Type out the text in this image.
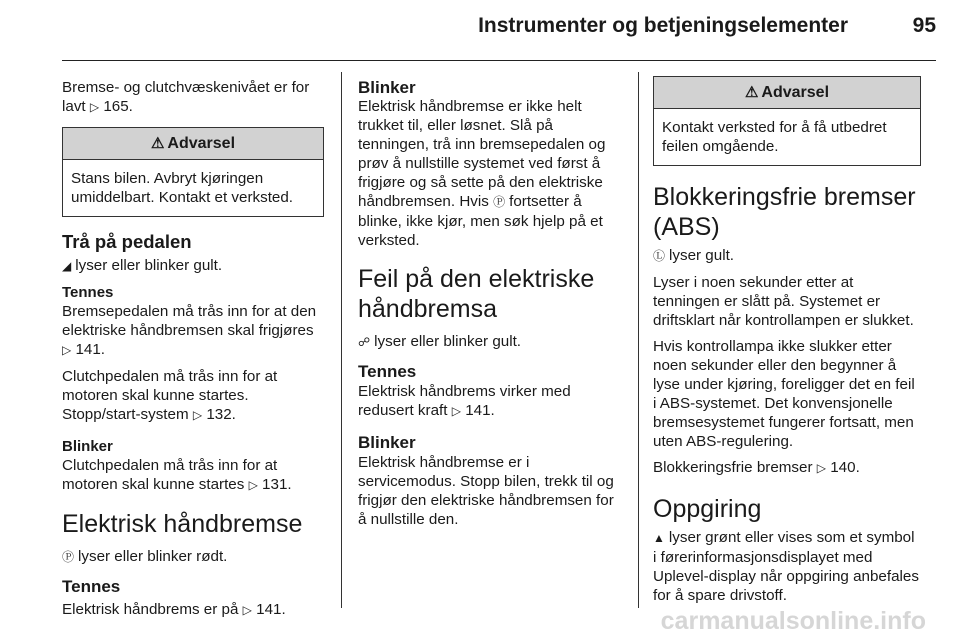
Instrumenter og betjeningselementer	95

Bremse- og clutchvæskenivået er for lavt ▷ 165.

⚠ Advarsel
Stans bilen. Avbryt kjøringen umiddelbart. Kontakt et verksted.
Trå på pedalen

◢ lyser eller blinker gult.

Tennes

Bremsepedalen må trås inn for at den elektriske håndbremsen skal frigjøres ▷ 141.

Clutchpedalen må trås inn for at motoren skal kunne startes. Stopp/start-system ▷ 132.

Blinker

Clutchpedalen må trås inn for at motoren skal kunne startes ▷ 131.

Elektrisk håndbremse

Ⓟ lyser eller blinker rødt.

Tennes

Elektrisk håndbrems er på ▷ 141.

Blinker

Elektrisk håndbremse er ikke helt trukket til, eller løsnet. Slå på tenningen, trå inn bremsepedalen og prøv å nullstille systemet ved først å frigjøre og så sette på den elektriske håndbremsen. Hvis Ⓟ fortsetter å blinke, ikke kjør, men søk hjelp på et verksted.

Feil på den elektriske håndbremsa

☍ lyser eller blinker gult.

Tennes

Elektrisk håndbrems virker med redusert kraft ▷ 141.

Blinker

Elektrisk håndbremse er i servicemodus. Stopp bilen, trekk til og frigjør den elektriske håndbremsen for å nullstille den.

⚠ Advarsel
Kontakt verksted for å få utbedret feilen omgående.
Blokkeringsfrie bremser (ABS)

Ⓛ lyser gult.

Lyser i noen sekunder etter at tenningen er slått på. Systemet er driftsklart når kontrollampen er slukket.

Hvis kontrollampa ikke slukker etter noen sekunder eller den begynner å lyse under kjøring, foreligger det en feil i ABS-systemet. Det konvensjonelle bremsesystemet fungerer fortsatt, men uten ABS-regulering.

Blokkeringsfrie bremser ▷ 140.

Oppgiring

▲ lyser grønt eller vises som et symbol i førerinformasjonsdisplayet med Uplevel-display når oppgiring anbefales for å spare drivstoff.

carmanualsonline.info
